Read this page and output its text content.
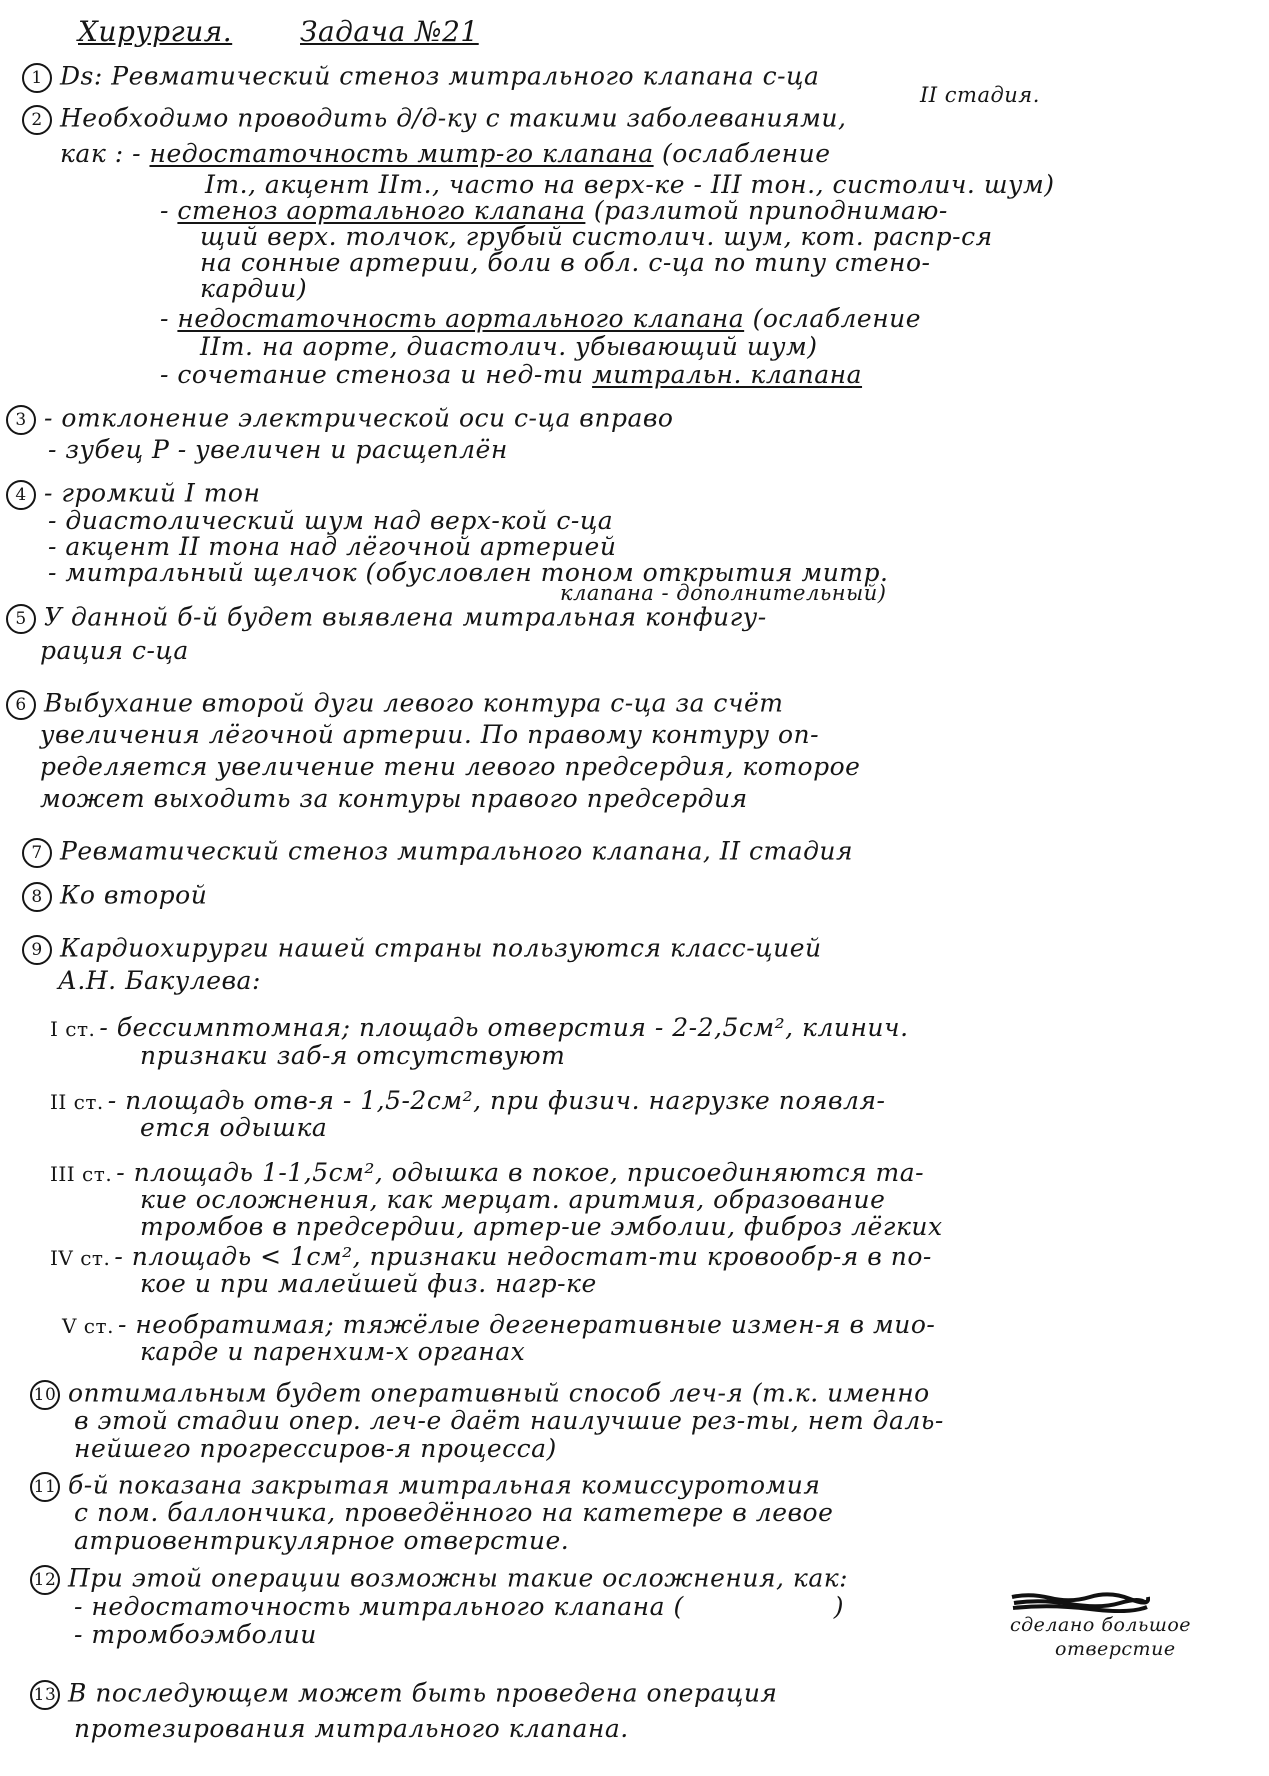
Хирургия. Задача №21
1 Ds: Ревматический стеноз митрального клапана с-ца
II стадия.
2 Необходимо проводить д/д-ку с такими заболеваниями,
как : - недостаточность митр-го клапана (ослабление
Iт., акцент IIт., часто на верх-ке - III тон., систолич. шум)
- стеноз аортального клапана (разлитой приподнимаю-
щий верх. толчок, грубый систолич. шум, кот. распр-ся
на сонные артерии, боли в обл. с-ца по типу стено-
кардии)
- недостаточность аортального клапана (ослабление
IIт. на аорте, диастолич. убывающий шум)
- сочетание стеноза и нед-ти митральн. клапана
3 - отклонение электрической оси с-ца вправо
- зубец P - увеличен и расщеплён
4 - громкий I тон
- диастолический шум над верх-кой с-ца
- акцент II тона над лёгочной артерией
- митральный щелчок (обусловлен тоном открытия митр.
клапана - дополнительный)
5 У данной б-й будет выявлена митральная конфигу-
рация с-ца
6 Выбухание второй дуги левого контура с-ца за счёт
увеличения лёгочной артерии. По правому контуру оп-
ределяется увеличение тени левого предсердия, которое
может выходить за контуры правого предсердия
7 Ревматический стеноз митрального клапана, II стадия
8 Ко второй
9 Кардиохирурги нашей страны пользуются класс-цией
А.Н. Бакулева:
I ст. - бессимптомная; площадь отверстия - 2-2,5см², клинич.
признаки заб-я отсутствуют
II ст. - площадь отв-я - 1,5-2см², при физич. нагрузке появля-
ется одышка
III ст. - площадь 1-1,5см², одышка в покое, присоединяются та-
кие осложнения, как мерцат. аритмия, образование
тромбов в предсердии, артер-ие эмболии, фиброз лёгких
IV ст. - площадь < 1см², признаки недостат-ти кровообр-я в по-
кое и при малейшей физ. нагр-ке
V ст. - необратимая; тяжёлые дегенеративные измен-я в мио-
карде и паренхим-х органах
10 оптимальным будет оперативный способ леч-я (т.к. именно
в этой стадии опер. леч-е даёт наилучшие рез-ты, нет даль-
нейшего прогрессиров-я процесса)
11 б-й показана закрытая митральная комиссуротомия
с пом. баллончика, проведённого на катетере в левое
атриовентрикулярное отверстие.
12 При этой операции возможны такие осложнения, как:
- недостаточность митрального клапана (	)
сделано большое
- тромбоэмболии	отверстие
13 В последующем может быть проведена операция
протезирования митрального клапана.
